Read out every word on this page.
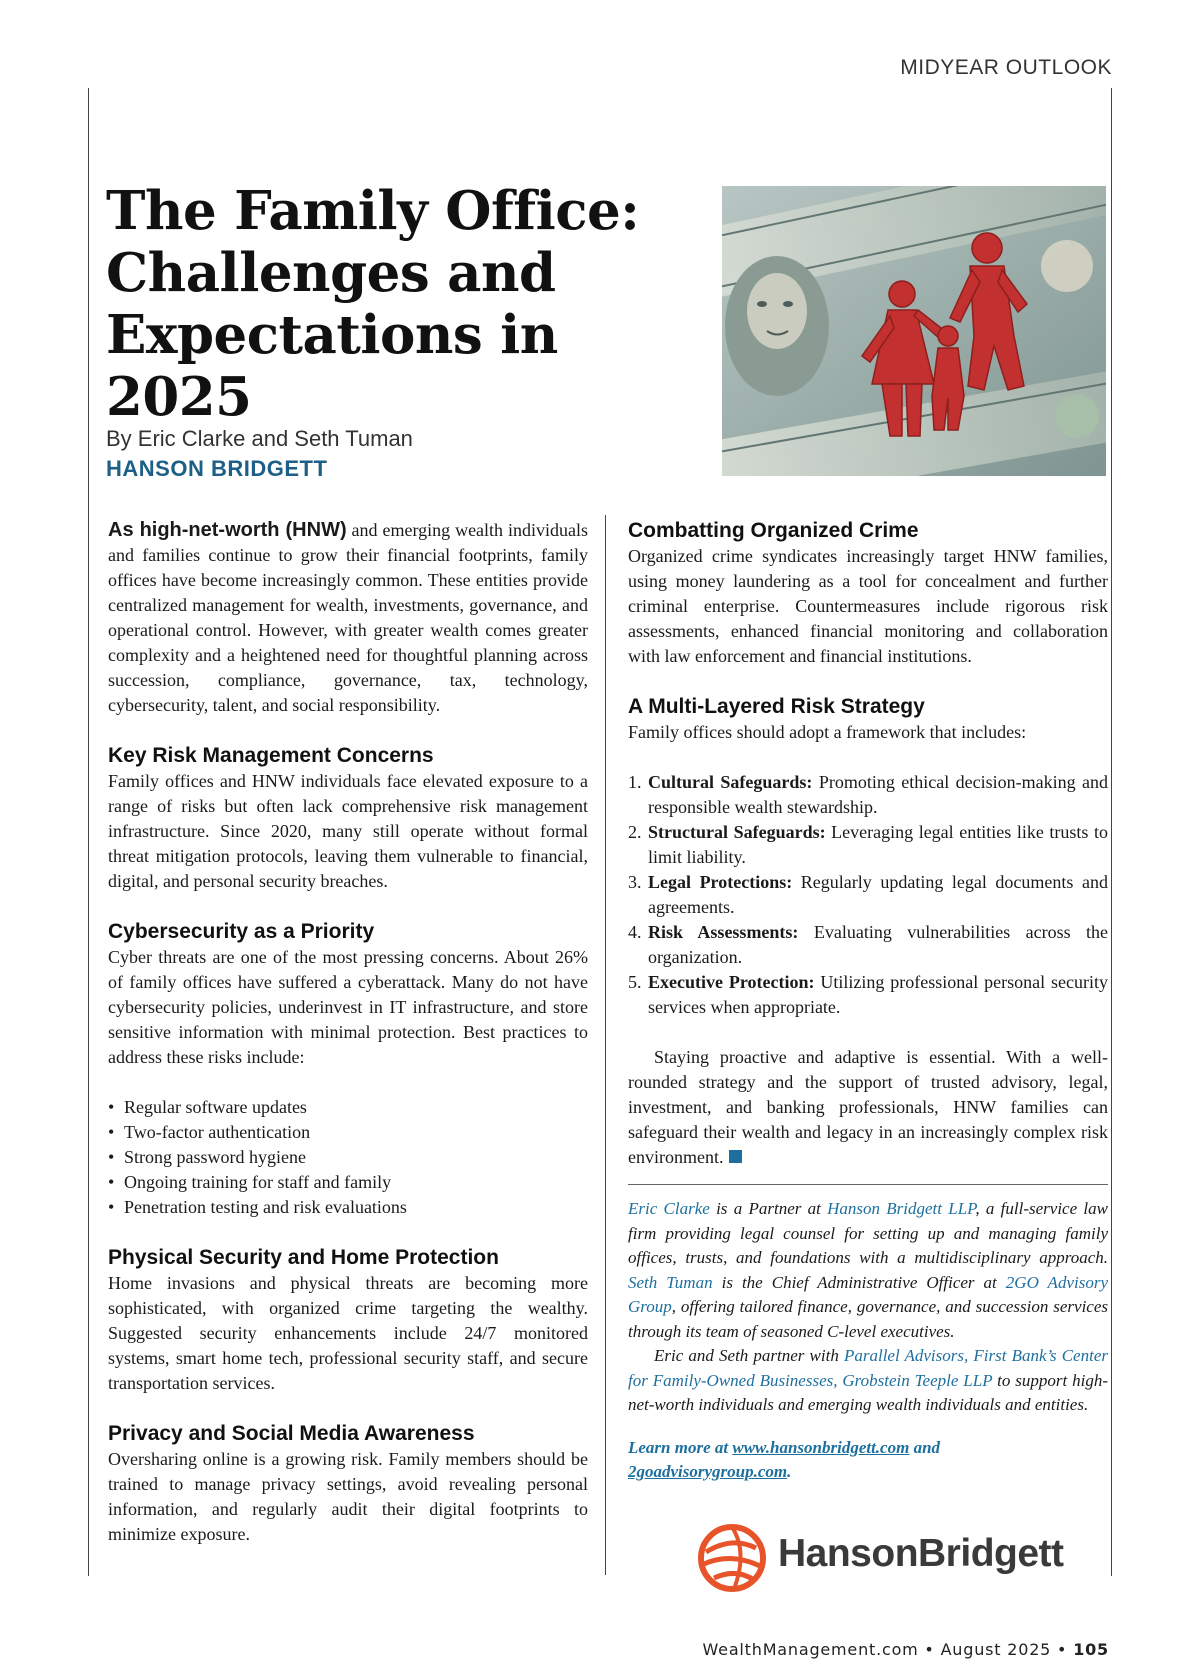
MIDYEAR OUTLOOK
The Family Office: Challenges and Expectations in 2025
By Eric Clarke and Seth Tuman
HANSON BRIDGETT

As high-net-worth (HNW) and emerging wealth individuals and families continue to grow their financial footprints, family offices have become increasingly common. These entities provide centralized management for wealth, investments, governance, and operational control. However, with greater wealth comes greater complexity and a heightened need for thoughtful planning across succession, compliance, governance, tax, technology, cybersecurity, talent, and social responsibility.

Key Risk Management Concerns

Family offices and HNW individuals face elevated exposure to a range of risks but often lack comprehensive risk management infrastructure. Since 2020, many still operate without formal threat mitigation protocols, leaving them vulnerable to financial, digital, and personal security breaches.

Cybersecurity as a Priority

Cyber threats are one of the most pressing concerns. About 26% of family offices have suffered a cyberattack. Many do not have cybersecurity policies, underinvest in IT infrastructure, and store sensitive information with minimal protection. Best practices to address these risks include:

• Regular software updates
• Two-factor authentication
• Strong password hygiene
• Ongoing training for staff and family
• Penetration testing and risk evaluations
Physical Security and Home Protection

Home invasions and physical threats are becoming more sophisticated, with organized crime targeting the wealthy. Suggested security enhancements include 24/7 monitored systems, smart home tech, professional security staff, and secure transportation services.

Privacy and Social Media Awareness

Oversharing online is a growing risk. Family members should be trained to manage privacy settings, avoid revealing personal information, and regularly audit their digital footprints to minimize exposure.

Combatting Organized Crime

Organized crime syndicates increasingly target HNW families, using money laundering as a tool for concealment and further criminal enterprise. Countermeasures include rigorous risk assessments, enhanced financial monitoring and collaboration with law enforcement and financial institutions.

A Multi-Layered Risk Strategy

Family offices should adopt a framework that includes:

1. Cultural Safeguards: Promoting ethical decision-making and responsible wealth stewardship.
2. Structural Safeguards: Leveraging legal entities like trusts to limit liability.
3. Legal Protections: Regularly updating legal documents and agreements.
4. Risk Assessments: Evaluating vulnerabilities across the organization.
5. Executive Protection: Utilizing professional personal security services when appropriate.

Staying proactive and adaptive is essential. With a well-rounded strategy and the support of trusted advisory, legal, investment, and banking professionals, HNW families can safeguard their wealth and legacy in an increasingly complex risk environment.

Eric Clarke is a Partner at Hanson Bridgett LLP, a full-service law firm providing legal counsel for setting up and managing family offices, trusts, and foundations with a multidisciplinary approach. Seth Tuman is the Chief Administrative Officer at 2GO Advisory Group, offering tailored finance, governance, and succession services through its team of seasoned C-level executives.

Eric and Seth partner with Parallel Advisors, First Bank’s Center for Family-Owned Businesses, Grobstein Teeple LLP to support high-net-worth individuals and emerging wealth individuals and entities.

Learn more at www.hansonbridgett.com and
2goadvisorygroup.com.

HansonBridgett
WealthManagement.com • August 2025 • 105
